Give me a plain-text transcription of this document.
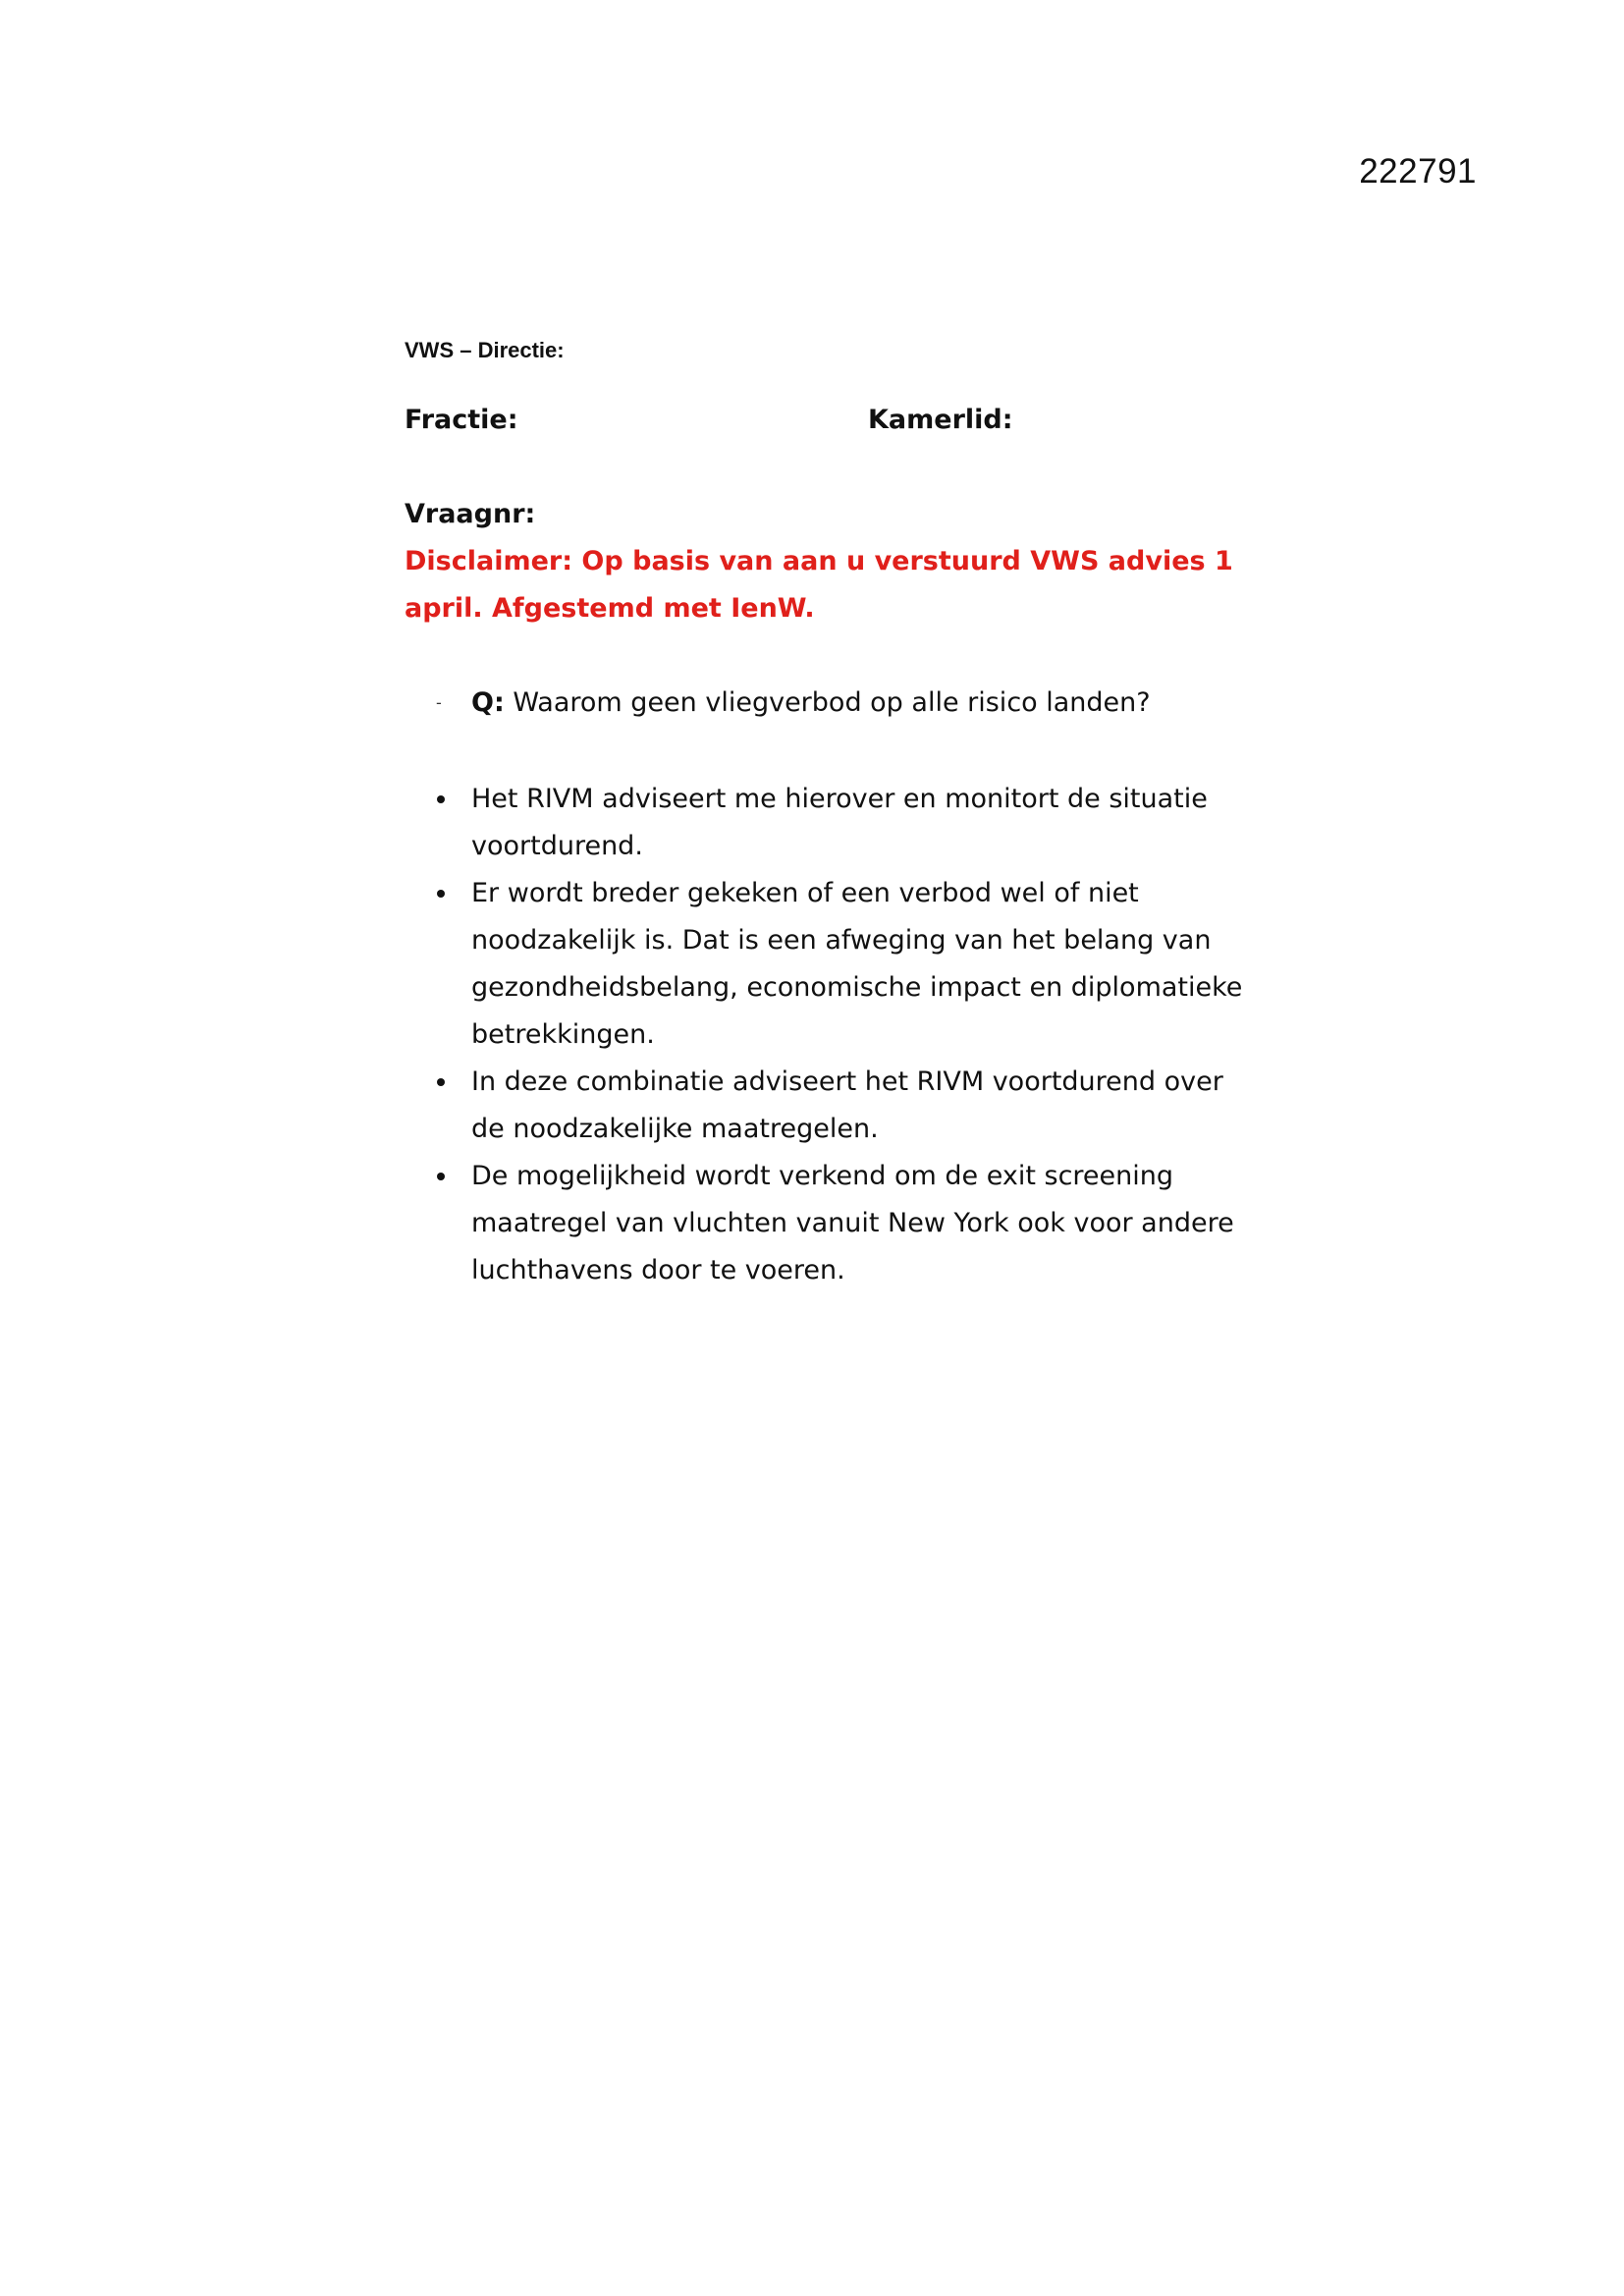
222791
VWS – Directie:
Fractie:	Kamerlid:
Vraagnr:
Disclaimer: Op basis van aan u verstuurd VWS advies 1 april. Afgestemd met IenW.
- Q: Waarom geen vliegverbod op alle risico landen?
Het RIVM adviseert me hierover en monitort de situatie voortdurend.
Er wordt breder gekeken of een verbod wel of niet noodzakelijk is. Dat is een afweging van het belang van gezondheidsbelang, economische impact en diplomatieke betrekkingen.
In deze combinatie adviseert het RIVM voortdurend over de noodzakelijke maatregelen.
De mogelijkheid wordt verkend om de exit screening maatregel van vluchten vanuit New York ook voor andere luchthavens door te voeren.
